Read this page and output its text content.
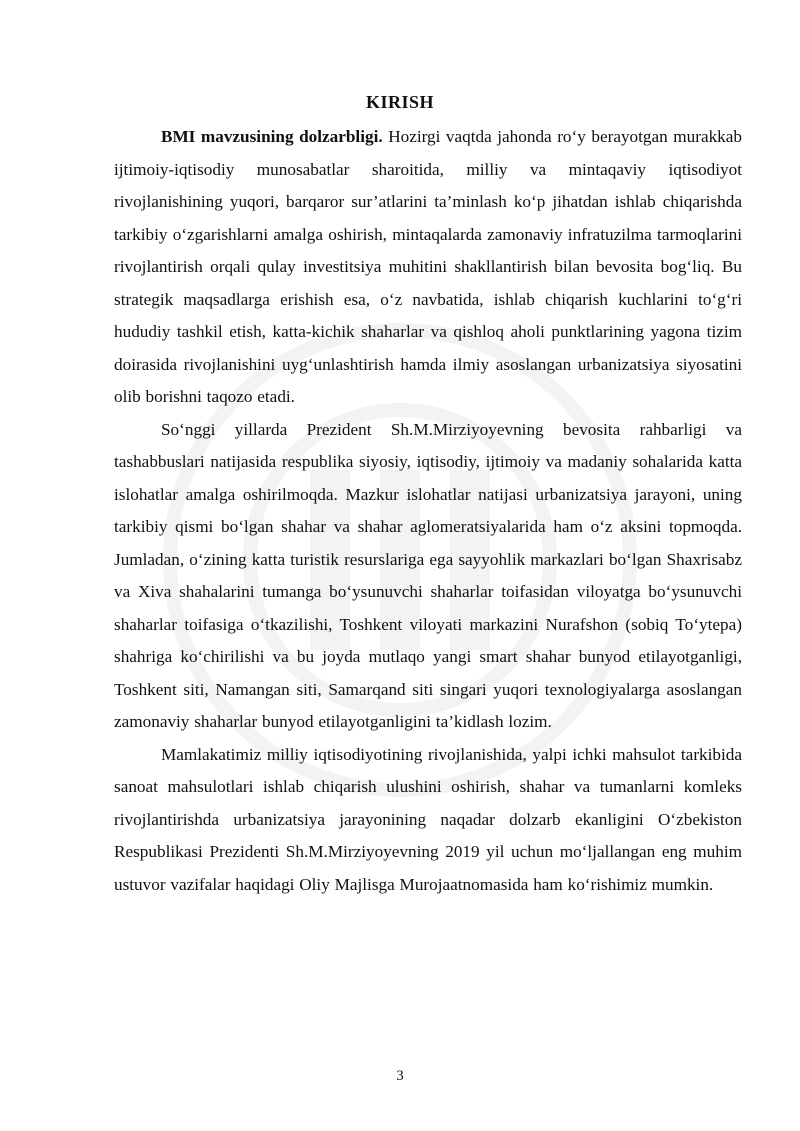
KIRISH

BMI mavzusining dolzarbligi. Hozirgi vaqtda jahonda ro‘y berayotgan murakkab ijtimoiy-iqtisodiy munosabatlar sharoitida, milliy va mintaqaviy iqtisodiyot rivojlanishining yuqori, barqaror sur’atlarini ta’minlash ko‘p jihatdan ishlab chiqarishda tarkibiy o‘zgarishlarni amalga oshirish, mintaqalarda zamonaviy infratuzilma tarmoqlarini rivojlantirish orqali qulay investitsiya muhitini shakllantirish bilan bevosita bog‘liq. Bu strategik maqsadlarga erishish esa, o‘z navbatida, ishlab chiqarish kuchlarini to‘g‘ri hududiy tashkil etish, katta-kichik shaharlar va qishloq aholi punktlarining yagona tizim doirasida rivojlanishini uyg‘unlashtirish hamda ilmiy asoslangan urbanizatsiya siyosatini olib borishni taqozo etadi.

So‘nggi yillarda Prezident Sh.M.Mirziyoyevning bevosita rahbarligi va tashabbuslari natijasida respublika siyosiy, iqtisodiy, ijtimoiy va madaniy sohalarida katta islohatlar amalga oshirilmoqda. Mazkur islohatlar natijasi urbanizatsiya jarayoni, uning tarkibiy qismi bo‘lgan shahar va shahar aglomeratsiyalarida ham o‘z aksini topmoqda. Jumladan, o‘zining katta turistik resurslariga ega sayyohlik markazlari bo‘lgan Shaxrisabz va Xiva shahalarini tumanga bo‘ysunuvchi shaharlar toifasidan viloyatga bo‘ysunuvchi shaharlar toifasiga o‘tkazilishi, Toshkent viloyati markazini Nurafshon (sobiq To‘ytepa) shahriga ko‘chirilishi va bu joyda mutlaqo yangi smart shahar bunyod etilayotganligi, Toshkent siti, Namangan siti, Samarqand siti singari yuqori texnologiyalarga asoslangan zamonaviy shaharlar bunyod etilayotganligini ta’kidlash lozim.

Mamlakatimiz milliy iqtisodiyotining rivojlanishida, yalpi ichki mahsulot tarkibida sanoat mahsulotlari ishlab chiqarish ulushini oshirish, shahar va tumanlarni komleks rivojlantirishda urbanizatsiya jarayonining naqadar dolzarb ekanligini O‘zbekiston Respublikasi Prezidenti Sh.M.Mirziyoyevning 2019 yil uchun mo‘ljallangan eng muhim ustuvor vazifalar haqidagi Oliy Majlisga Murojaatnomasida ham ko‘rishimiz mumkin.

3
